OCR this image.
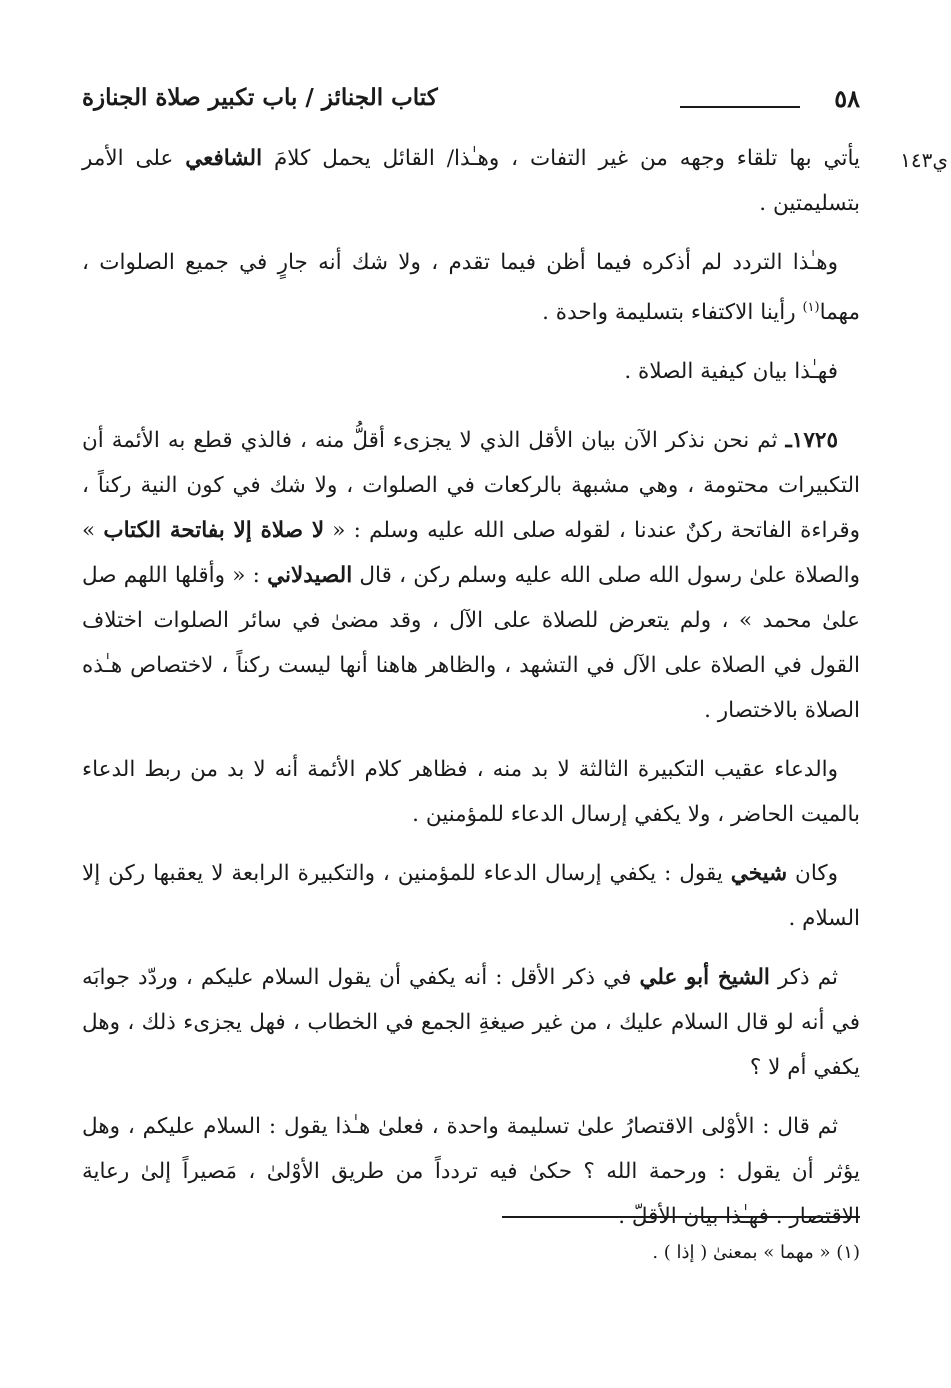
٥٨
كتاب الجنائز / باب تكبير صلاة الجنازة
ي١٤٣

يأتي بها تلقاء وجهه من غير التفات ، وهـٰذا/ القائل يحمل كلامَ الشافعي على الأمر بتسليمتين .

وهـٰذا التردد لم أذكره فيما أظن فيما تقدم ، ولا شك أنه جارٍ في جميع الصلوات ، مهما$^{(١)}$ رأينا الاكتفاء بتسليمة واحدة .

فهـٰذا بيان كيفية الصلاة .

١٧٢٥ـ ثم نحن نذكر الآن بيان الأقل الذي لا يجزىء أقلُّ منه ، فالذي قطع به الأئمة أن التكبيرات محتومة ، وهي مشبهة بالركعات في الصلوات ، ولا شك في كون النية ركناً ، وقراءة الفاتحة ركنٌ عندنا ، لقوله صلى الله عليه وسلم : « لا صلاة إلا بفاتحة الكتاب » والصلاة علىٰ رسول الله صلى الله عليه وسلم ركن ، قال الصيدلاني : « وأقلها اللهم صل علىٰ محمد » ، ولم يتعرض للصلاة على الآل ، وقد مضىٰ في سائر الصلوات اختلاف القول في الصلاة على الآل في التشهد ، والظاهر هاهنا أنها ليست ركناً ، لاختصاص هـٰذه الصلاة بالاختصار .

والدعاء عقيب التكبيرة الثالثة لا بد منه ، فظاهر كلام الأئمة أنه لا بد من ربط الدعاء بالميت الحاضر ، ولا يكفي إرسال الدعاء للمؤمنين .

وكان شيخي يقول : يكفي إرسال الدعاء للمؤمنين ، والتكبيرة الرابعة لا يعقبها ركن إلا السلام .

ثم ذكر الشيخ أبو علي في ذكر الأقل : أنه يكفي أن يقول السلام عليكم ، وردّد جوابَه في أنه لو قال السلام عليك ، من غير صيغةِ الجمع في الخطاب ، فهل يجزىء ذلك ، وهل يكفي أم لا ؟

ثم قال : الأوْلى الاقتصارُ علىٰ تسليمة واحدة ، فعلىٰ هـٰذا يقول : السلام عليكم ، وهل يؤثر أن يقول : ورحمة الله ؟ حكىٰ فيه تردداً من طريق الأوْلىٰ ، مَصيراً إلىٰ رعاية الاقتصار . فهـٰذا بيان الأقلّ .

(١) « مهما » بمعنىٰ ( إذا ) .
